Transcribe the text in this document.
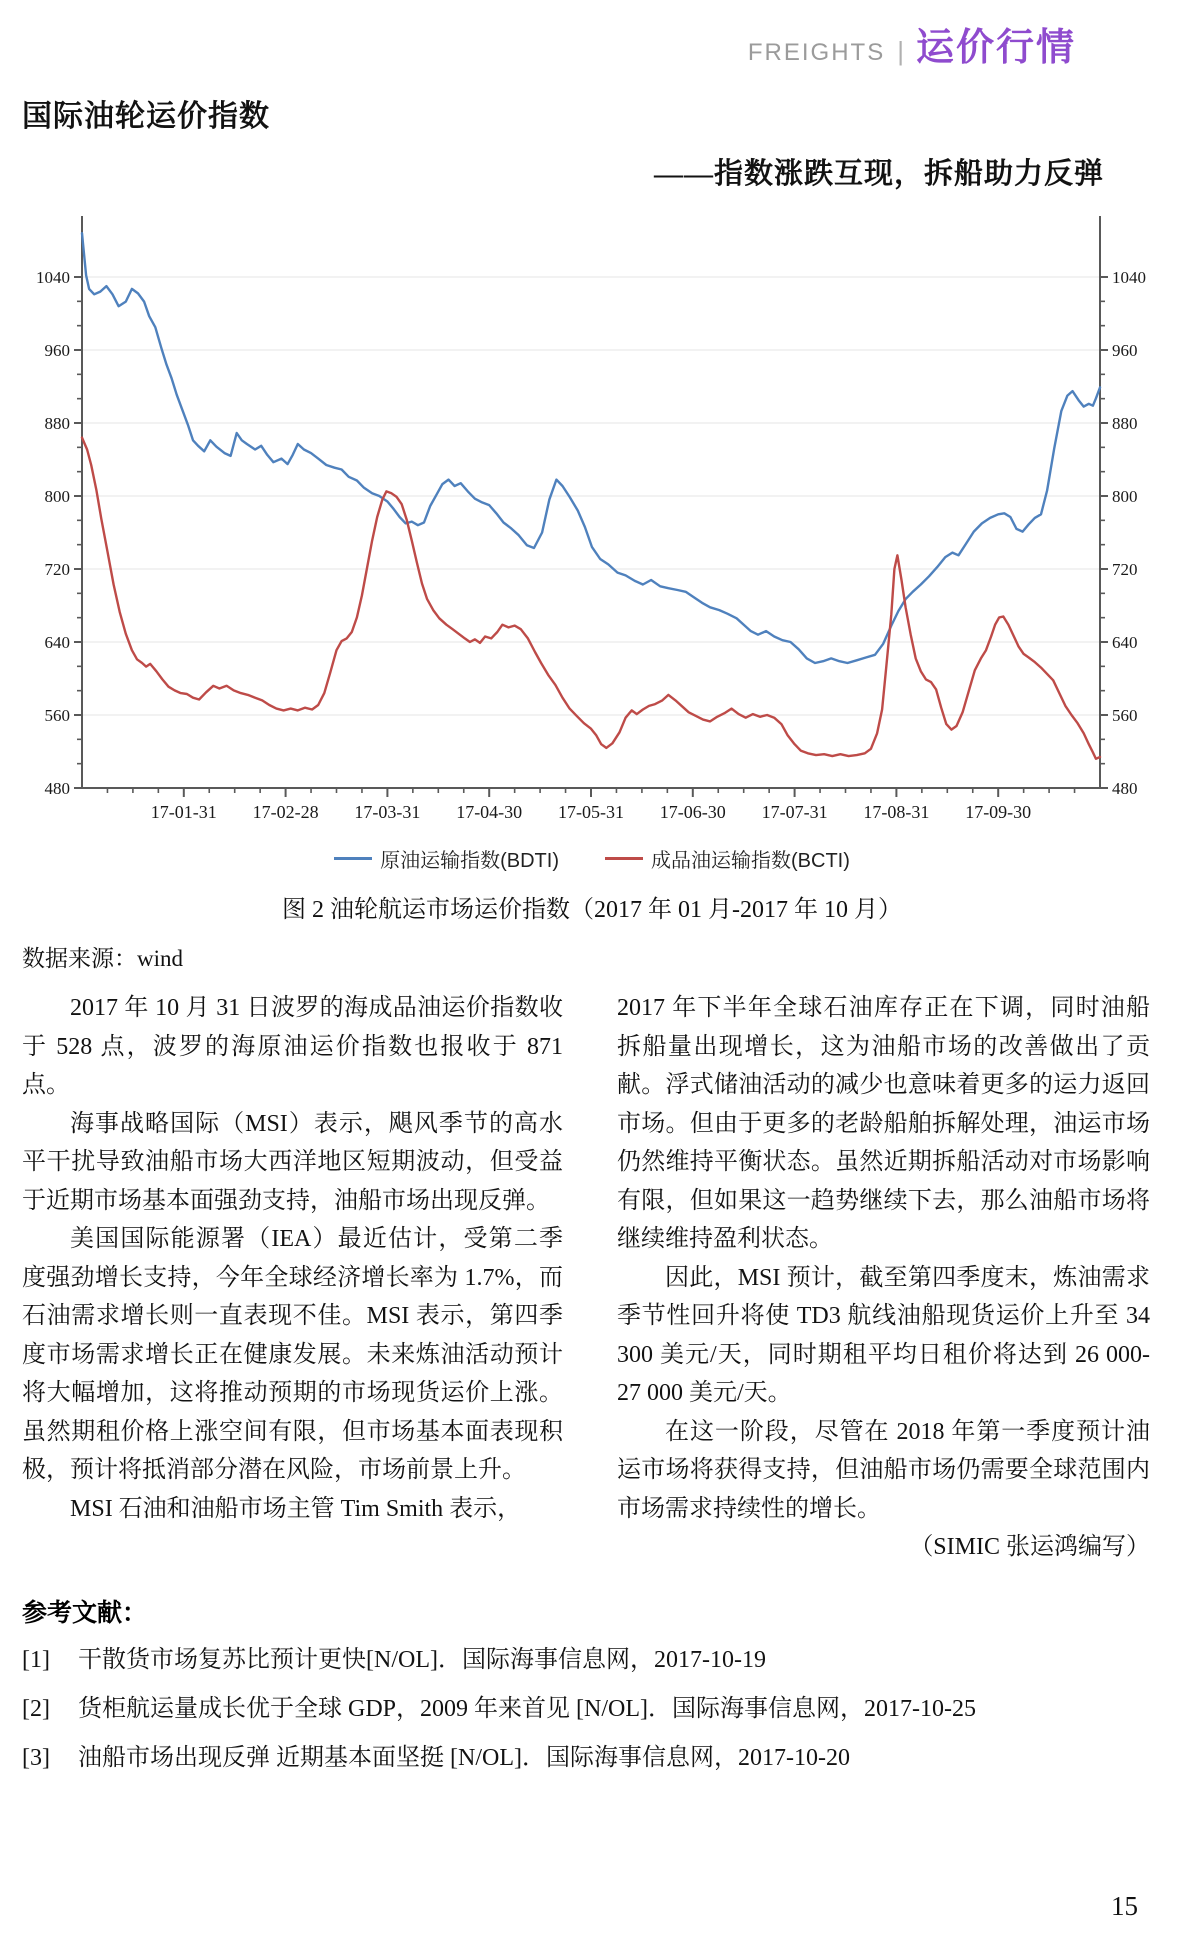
FREIGHTS | 运价行情
国际油轮运价指数
——指数涨跌互现，拆船助力反弹
480	480
560	560
640	640
720	720
800	800
880	880
960	960
1040	1040
17-01-31 17-02-28 17-03-31 17-04-30 17-05-31 17-06-30 17-07-31 17-08-31 17-09-30
原油运输指数(BDTI)	成品油运输指数(BCTI)
图 2 油轮航运市场运价指数（2017 年 01 月-2017 年 10 月）
数据来源：wind

2017 年 10 月 31 日波罗的海成品油运价指数收于 528 点，波罗的海原油运价指数也报收于 871 点。

海事战略国际（MSI）表示，飓风季节的高水平干扰导致油船市场大西洋地区短期波动，但受益于近期市场基本面强劲支持，油船市场出现反弹。

美国国际能源署（IEA）最近估计，受第二季度强劲增长支持，今年全球经济增长率为 1.7%，而石油需求增长则一直表现不佳。MSI 表示，第四季度市场需求增长正在健康发展。未来炼油活动预计将大幅增加，这将推动预期的市场现货运价上涨。虽然期租价格上涨空间有限，但市场基本面表现积极，预计将抵消部分潜在风险，市场前景上升。

MSI 石油和油船市场主管 Tim Smith 表示，

2017 年下半年全球石油库存正在下调，同时油船拆船量出现增长，这为油船市场的改善做出了贡献。浮式储油活动的减少也意味着更多的运力返回市场。但由于更多的老龄船舶拆解处理，油运市场仍然维持平衡状态。虽然近期拆船活动对市场影响有限，但如果这一趋势继续下去，那么油船市场将继续维持盈利状态。

因此，MSI 预计，截至第四季度末，炼油需求季节性回升将使 TD3 航线油船现货运价上升至 34 300 美元/天，同时期租平均日租价将达到 26 000-27 000 美元/天。

在这一阶段，尽管在 2018 年第一季度预计油运市场将获得支持，但油船市场仍需要全球范围内市场需求持续性的增长。

（SIMIC 张运鸿编写）

参考文献：

[1]	干散货市场复苏比预计更快[N/OL]．国际海事信息网，2017-10-19
[2]	货柜航运量成长优于全球 GDP，2009 年来首见 [N/OL]．国际海事信息网，2017-10-25
[3]	油船市场出现反弹 近期基本面坚挺 [N/OL]．国际海事信息网，2017-10-20
15
